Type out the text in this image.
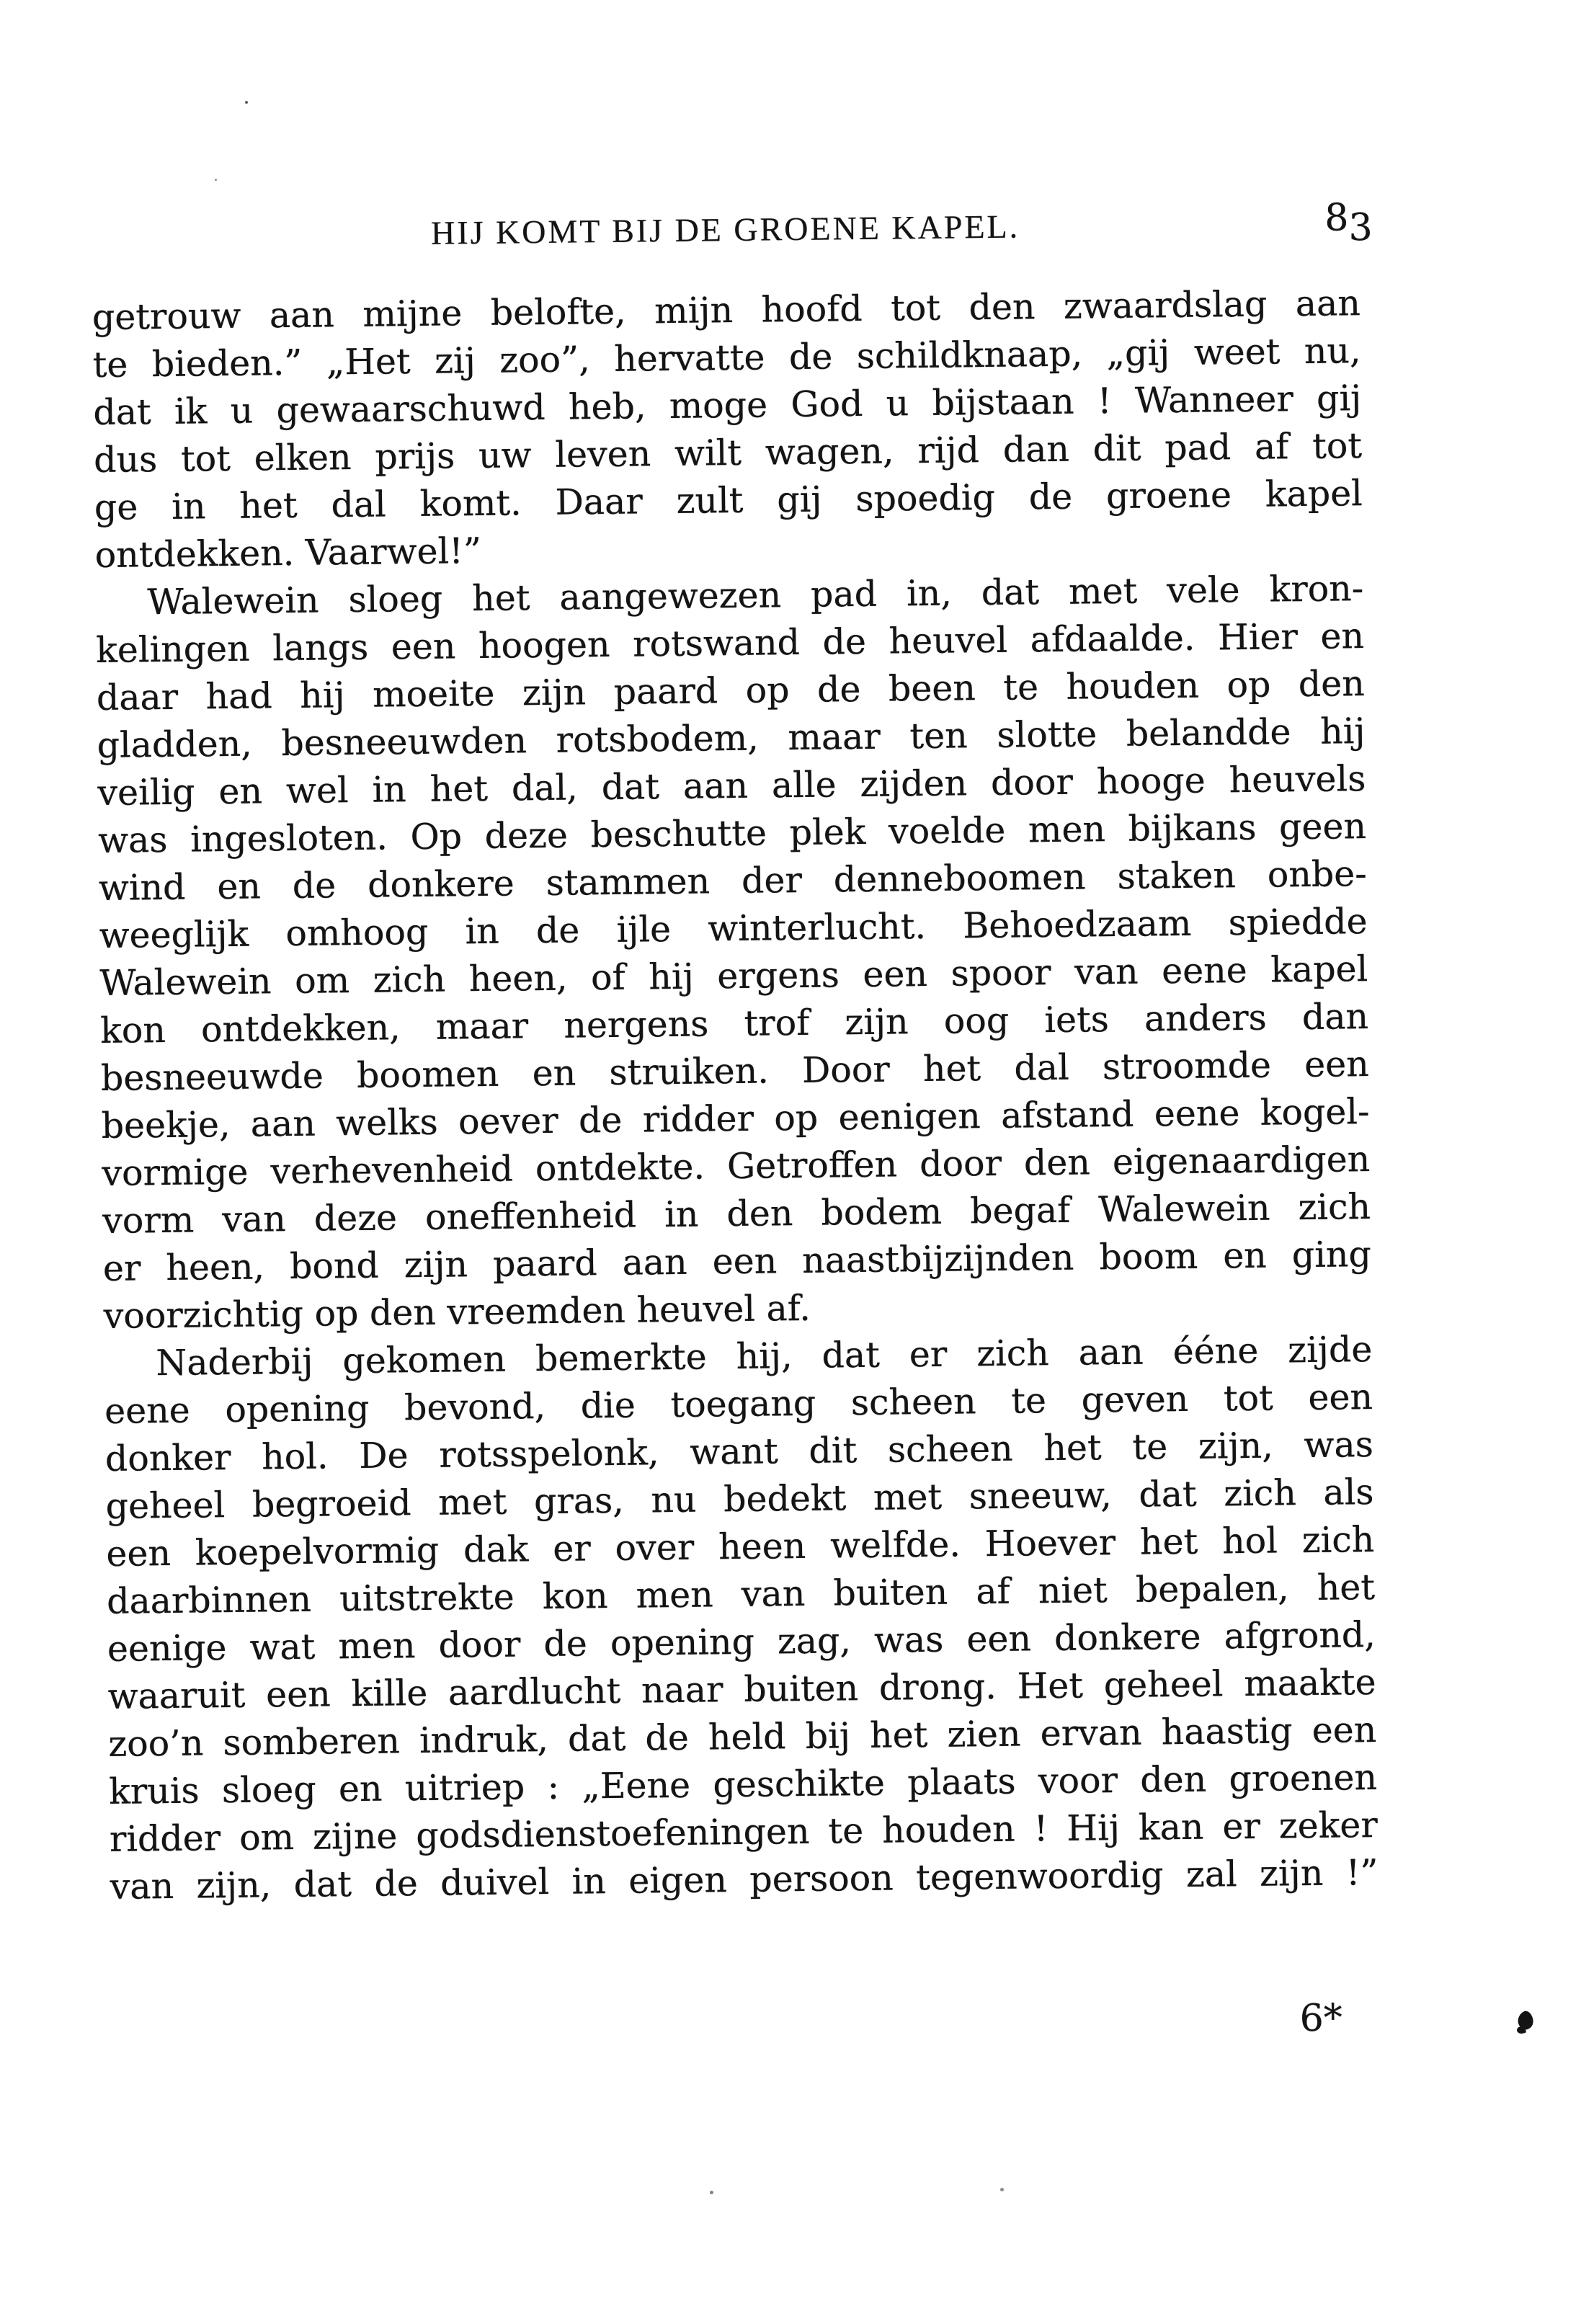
HIJ KOMT BIJ DE GROENE KAPEL.	83
getrouw aan mijne belofte, mijn hoofd tot den zwaardslag aan
te bieden.” „Het zij zoo”, hervatte de schildknaap, „gij weet nu,
dat ik u gewaarschuwd heb, moge God u bijstaan ! Wanneer gij
dus tot elken prijs uw leven wilt wagen, rijd dan dit pad af tot
ge in het dal komt. Daar zult gij spoedig de groene kapel
ontdekken. Vaarwel!”
Walewein sloeg het aangewezen pad in, dat met vele kron-
kelingen langs een hoogen rotswand de heuvel afdaalde. Hier en
daar had hij moeite zijn paard op de been te houden op den
gladden, besneeuwden rotsbodem, maar ten slotte belandde hij
veilig en wel in het dal, dat aan alle zijden door hooge heuvels
was ingesloten. Op deze beschutte plek voelde men bijkans geen
wind en de donkere stammen der denneboomen staken onbe-
weeglijk omhoog in de ijle winterlucht. Behoedzaam spiedde
Walewein om zich heen, of hij ergens een spoor van eene kapel
kon ontdekken, maar nergens trof zijn oog iets anders dan
besneeuwde boomen en struiken. Door het dal stroomde een
beekje, aan welks oever de ridder op eenigen afstand eene kogel-
vormige verhevenheid ontdekte. Getroffen door den eigenaardigen
vorm van deze oneffenheid in den bodem begaf Walewein zich
er heen, bond zijn paard aan een naastbijzijnden boom en ging
voorzichtig op den vreemden heuvel af.
Naderbij gekomen bemerkte hij, dat er zich aan ééne zijde
eene opening bevond, die toegang scheen te geven tot een
donker hol. De rotsspelonk, want dit scheen het te zijn, was
geheel begroeid met gras, nu bedekt met sneeuw, dat zich als
een koepelvormig dak er over heen welfde. Hoever het hol zich
daarbinnen uitstrekte kon men van buiten af niet bepalen, het
eenige wat men door de opening zag, was een donkere afgrond,
waaruit een kille aardlucht naar buiten drong. Het geheel maakte
zoo’n somberen indruk, dat de held bij het zien ervan haastig een
kruis sloeg en uitriep : „Eene geschikte plaats voor den groenen
ridder om zijne godsdienstoefeningen te houden ! Hij kan er zeker
van zijn, dat de duivel in eigen persoon tegenwoordig zal zijn !”
6*
